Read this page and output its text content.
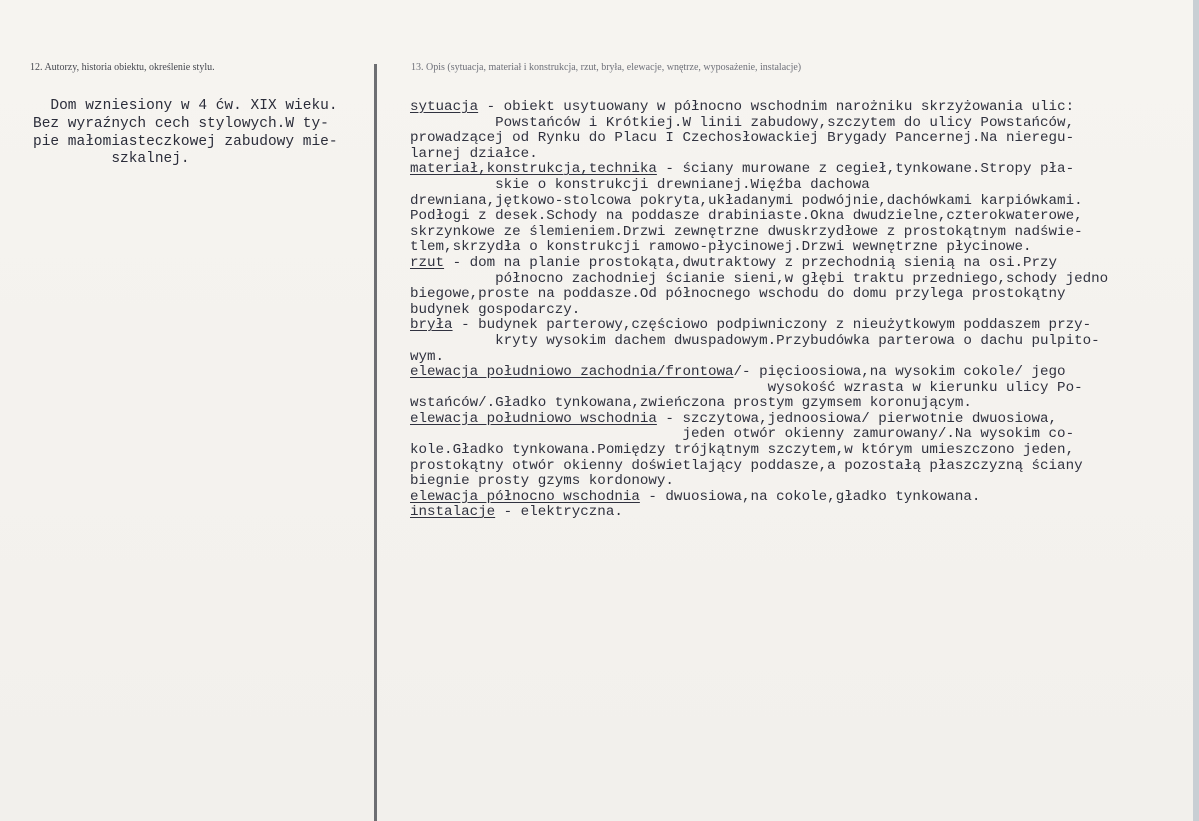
12. Autorzy, historia obiektu, określenie stylu.	13. Opis (sytuacja, materiał i konstrukcja, rzut, bryła, elewacje, wnętrze, wyposażenie, instalacje)
Dom wzniesiony w 4 ćw. XIX wieku.
Bez wyraźnych cech stylowych.W ty-
pie małomiasteczkowej zabudowy mie-
szkalnej.
sytuacja - obiekt usytuowany w północno wschodnim narożniku skrzyżowania ulic:
Powstańców i Krótkiej.W linii zabudowy,szczytem do ulicy Powstańców,
prowadzącej od Rynku do Placu I Czechosłowackiej Brygady Pancernej.Na nieregu-
larnej działce.
materiał,konstrukcja,technika - ściany murowane z cegieł,tynkowane.Stropy pła-
skie o konstrukcji drewnianej.Więźba dachowa
drewniana,jętkowo-stolcowa pokryta,układanymi podwójnie,dachówkami karpiówkami.
Podłogi z desek.Schody na poddasze drabiniaste.Okna dwudzielne,czterokwaterowe,
skrzynkowe ze ślemieniem.Drzwi zewnętrzne dwuskrzydłowe z prostokątnym nadświe-
tlem,skrzydła o konstrukcji ramowo-płycinowej.Drzwi wewnętrzne płycinowe.
rzut - dom na planie prostokąta,dwutraktowy z przechodnią sienią na osi.Przy
północno zachodniej ścianie sieni,w głębi traktu przedniego,schody jedno
biegowe,proste na poddasze.Od północnego wschodu do domu przylega prostokątny
budynek gospodarczy.
bryła - budynek parterowy,częściowo podpiwniczony z nieużytkowym poddaszem przy-
kryty wysokim dachem dwuspadowym.Przybudówka parterowa o dachu pulpito-
wym.
elewacja południowo zachodnia/frontowa/- pięcioosiowa,na wysokim cokole/ jego
wysokość wzrasta w kierunku ulicy Po-
wstańców/.Gładko tynkowana,zwieńczona prostym gzymsem koronującym.
elewacja południowo wschodnia - szczytowa,jednoosiowa/ pierwotnie dwuosiowa,
jeden otwór okienny zamurowany/.Na wysokim co-
kole.Gładko tynkowana.Pomiędzy trójkątnym szczytem,w którym umieszczono jeden,
prostokątny otwór okienny doświetlający poddasze,a pozostałą płaszczyzną ściany
biegnie prosty gzyms kordonowy.
elewacja północno wschodnia - dwuosiowa,na cokole,gładko tynkowana.
instalacje - elektryczna.
